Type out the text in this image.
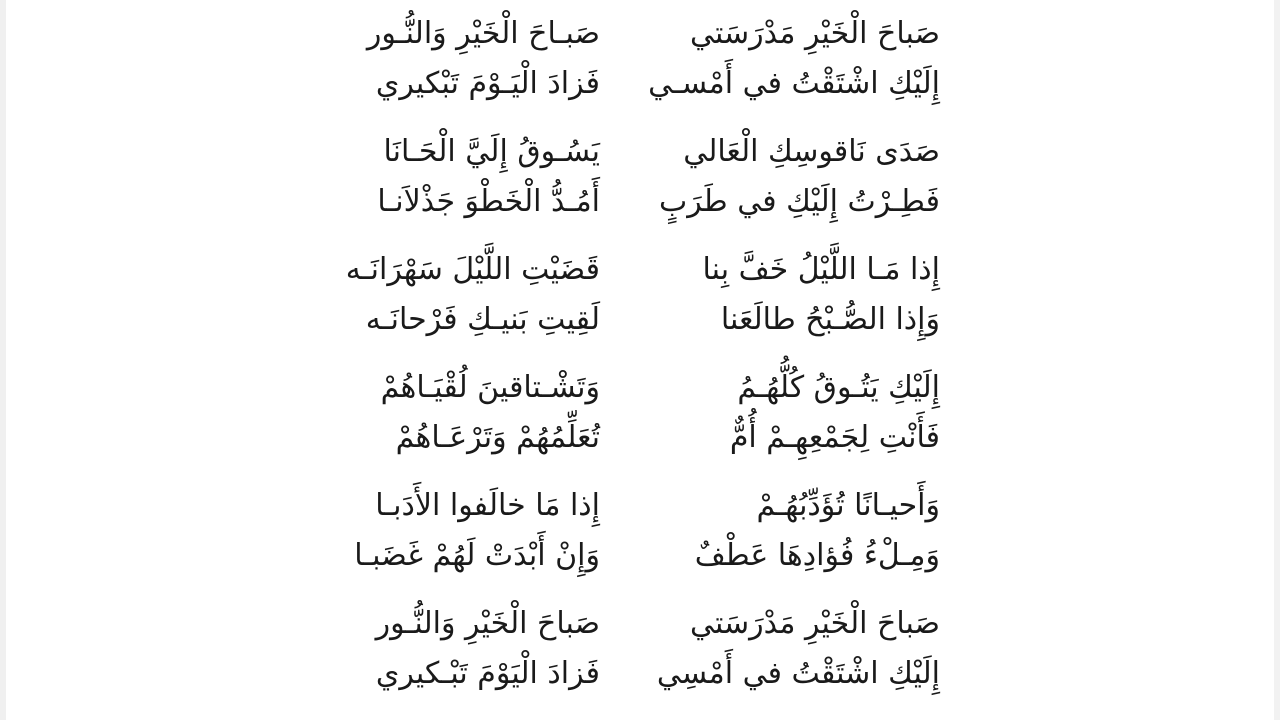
صَباحَ الْخَيْرِ مَدْرَسَتي
صَبـاحَ الْخَيْرِ وَالنُّـور
إِلَيْكِ اشْتَقْتُ في أَمْسـي
فَزادَ الْيَـوْمَ تَبْكيري
صَدَى نَاقوسِكِ الْعَالي
يَسُـوقُ إِلَيَّ الْحَـانَا
فَطِـرْتُ إِلَيْكِ في طَرَبٍ
أَمُـدُّ الْخَطْوَ جَذْلاَنـا
إِذا مَـا اللَّيْلُ خَفَّ بِنا
قَضَيْتِ اللَّيْلَ سَهْرَانَـه
وَإِذا الصُّـبْحُ طالَعَنا
لَقِيتِ بَنيـكِ فَرْحانَـه
إِلَيْكِ يَتُـوقُ كُلُّهُـمُ
وَتَشْـتاقينَ لُقْيَـاهُمْ
فَأَنْتِ لِجَمْعِهِـمْ أُمٌّ
تُعَلِّمُهُمْ وَتَرْعَـاهُمْ
وَأَحيـانًا تُؤَدِّبُهُـمْ
إِذا مَا خالَفوا الأَدَبـا
وَمِـلْءُ فُؤادِهَا عَطْفٌ
وَإِنْ أَبْدَتْ لَهُمْ غَضَبـا
صَباحَ الْخَيْرِ مَدْرَسَتي
صَباحَ الْخَيْرِ وَالنُّـور
إِلَيْكِ اشْتَقْتُ في أَمْسِي
فَزادَ الْيَوْمَ تَبْـكيري
